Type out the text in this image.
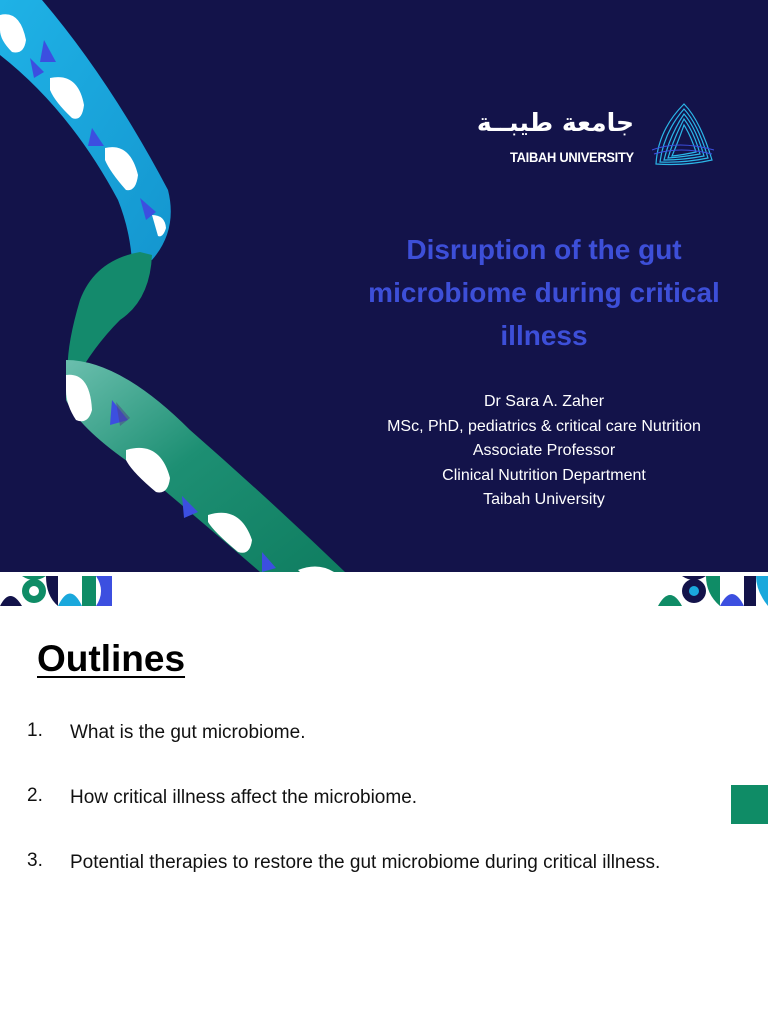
جامعة طيبــة
TAIBAH UNIVERSITY
Disruption of the gut
microbiome during critical
illness
Dr Sara A. Zaher
MSc, PhD, pediatrics & critical care Nutrition
Associate Professor
Clinical Nutrition Department
Taibah University
Outlines
1. What is the gut microbiome.
2. How critical illness affect the microbiome.
3. Potential therapies to restore the gut microbiome during critical illness.
